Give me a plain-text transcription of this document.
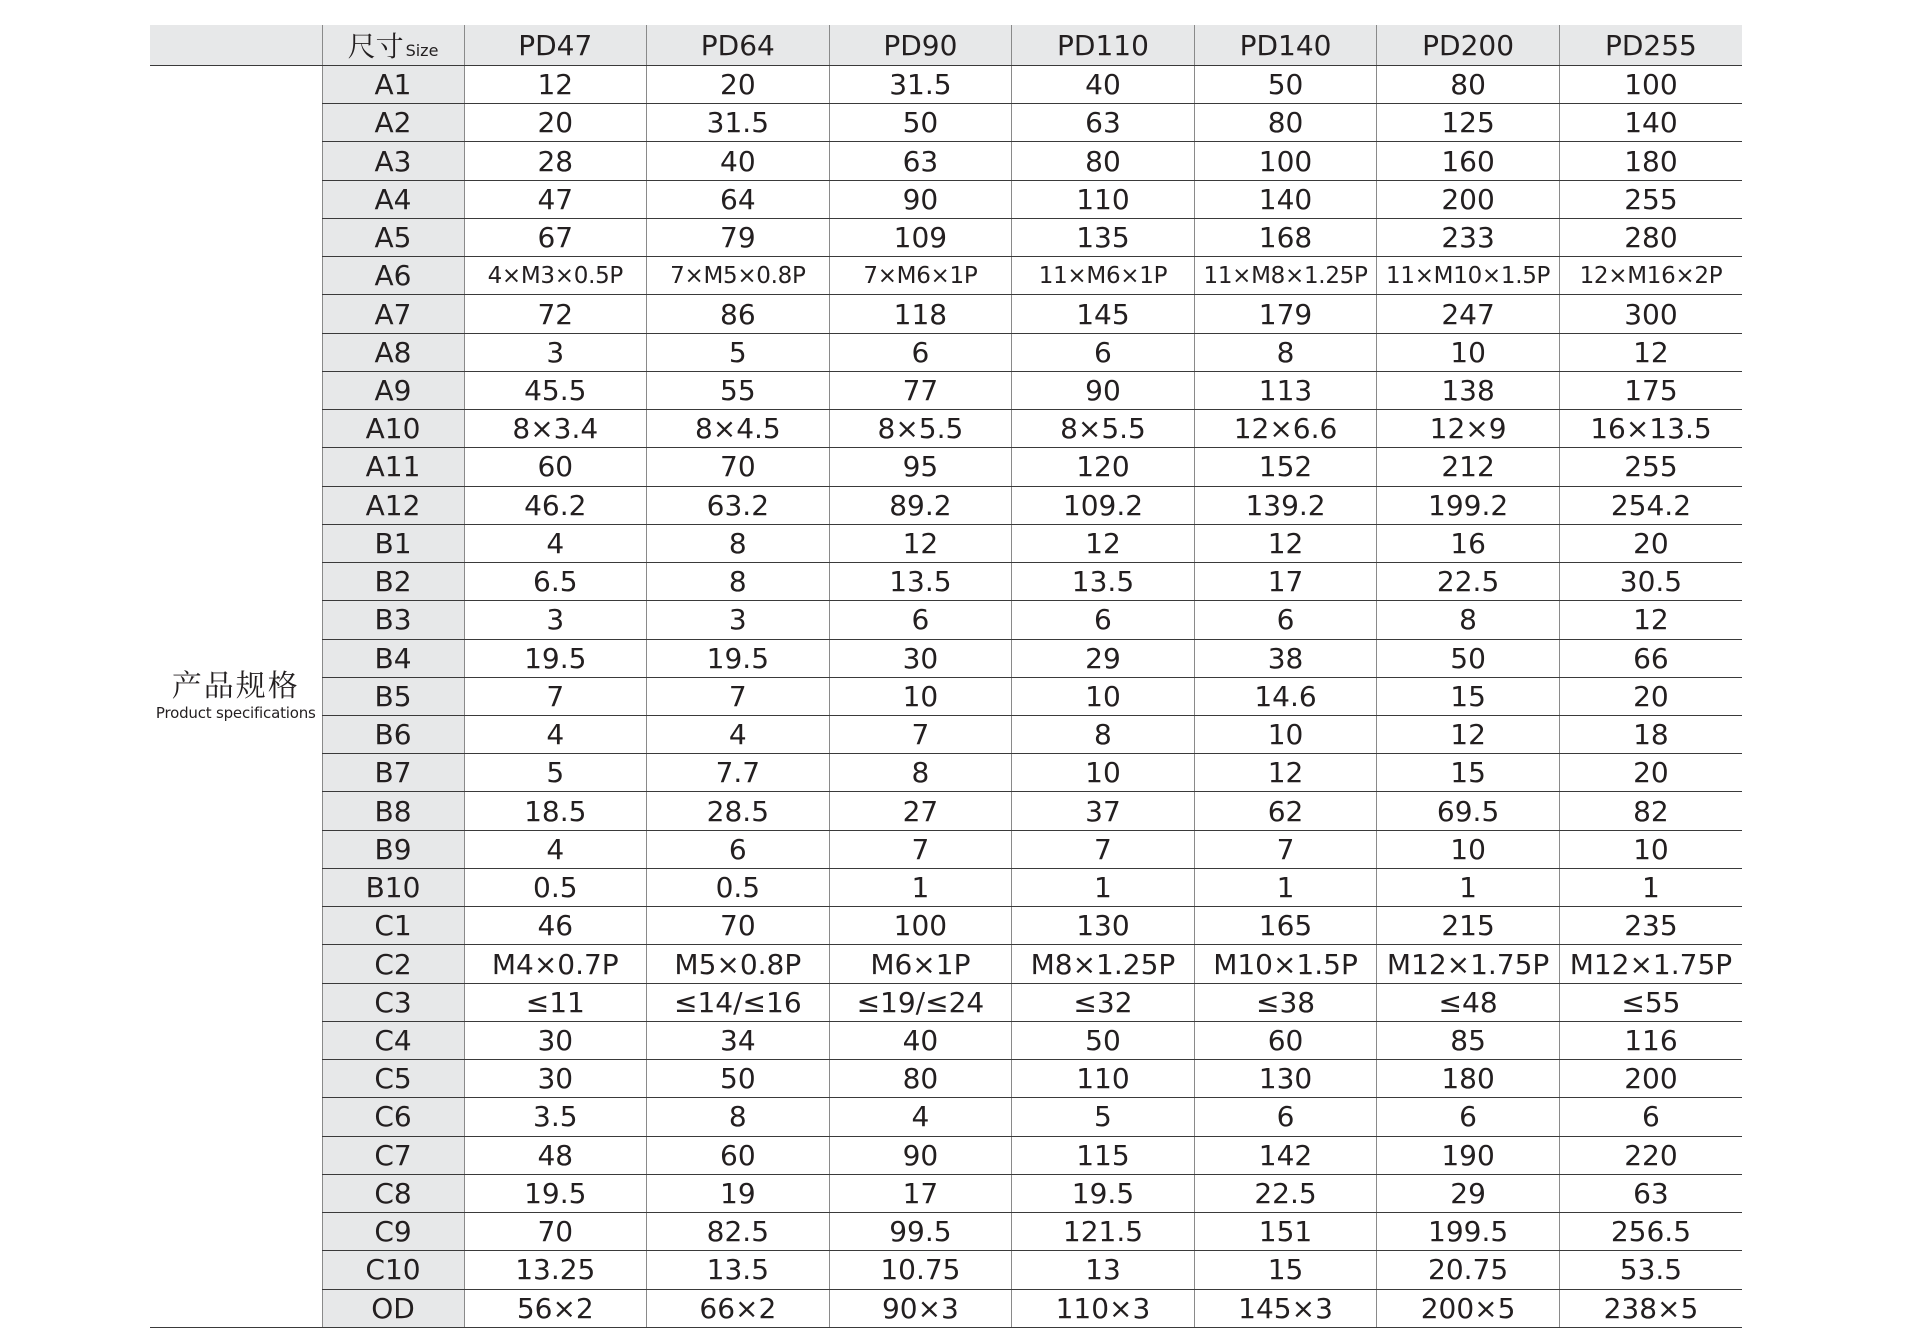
	尺寸 Size	PD47	PD64	PD90	PD110	PD140	PD200	PD255

产品规格
Product specifications	A1	12	20	31.5	40	50	80	100
	A2	20	31.5	50	63	80	125	140
	A3	28	40	63	80	100	160	180
	A4	47	64	90	110	140	200	255
	A5	67	79	109	135	168	233	280
	A6	4×M3×0.5P	7×M5×0.8P	7×M6×1P	11×M6×1P	11×M8×1.25P	11×M10×1.5P	12×M16×2P
	A7	72	86	118	145	179	247	300
	A8	3	5	6	6	8	10	12
	A9	45.5	55	77	90	113	138	175
	A10	8×3.4	8×4.5	8×5.5	8×5.5	12×6.6	12×9	16×13.5
	A11	60	70	95	120	152	212	255
	A12	46.2	63.2	89.2	109.2	139.2	199.2	254.2
	B1	4	8	12	12	12	16	20
	B2	6.5	8	13.5	13.5	17	22.5	30.5
	B3	3	3	6	6	6	8	12
	B4	19.5	19.5	30	29	38	50	66
	B5	7	7	10	10	14.6	15	20
	B6	4	4	7	8	10	12	18
	B7	5	7.7	8	10	12	15	20
	B8	18.5	28.5	27	37	62	69.5	82
	B9	4	6	7	7	7	10	10
	B10	0.5	0.5	1	1	1	1	1
	C1	46	70	100	130	165	215	235
	C2	M4×0.7P	M5×0.8P	M6×1P	M8×1.25P	M10×1.5P	M12×1.75P	M12×1.75P
	C3	≤11	≤14/≤16	≤19/≤24	≤32	≤38	≤48	≤55
	C4	30	34	40	50	60	85	116
	C5	30	50	80	110	130	180	200
	C6	3.5	8	4	5	6	6	6
	C7	48	60	90	115	142	190	220
	C8	19.5	19	17	19.5	22.5	29	63
	C9	70	82.5	99.5	121.5	151	199.5	256.5
	C10	13.25	13.5	10.75	13	15	20.75	53.5
	OD	56×2	66×2	90×3	110×3	145×3	200×5	238×5
